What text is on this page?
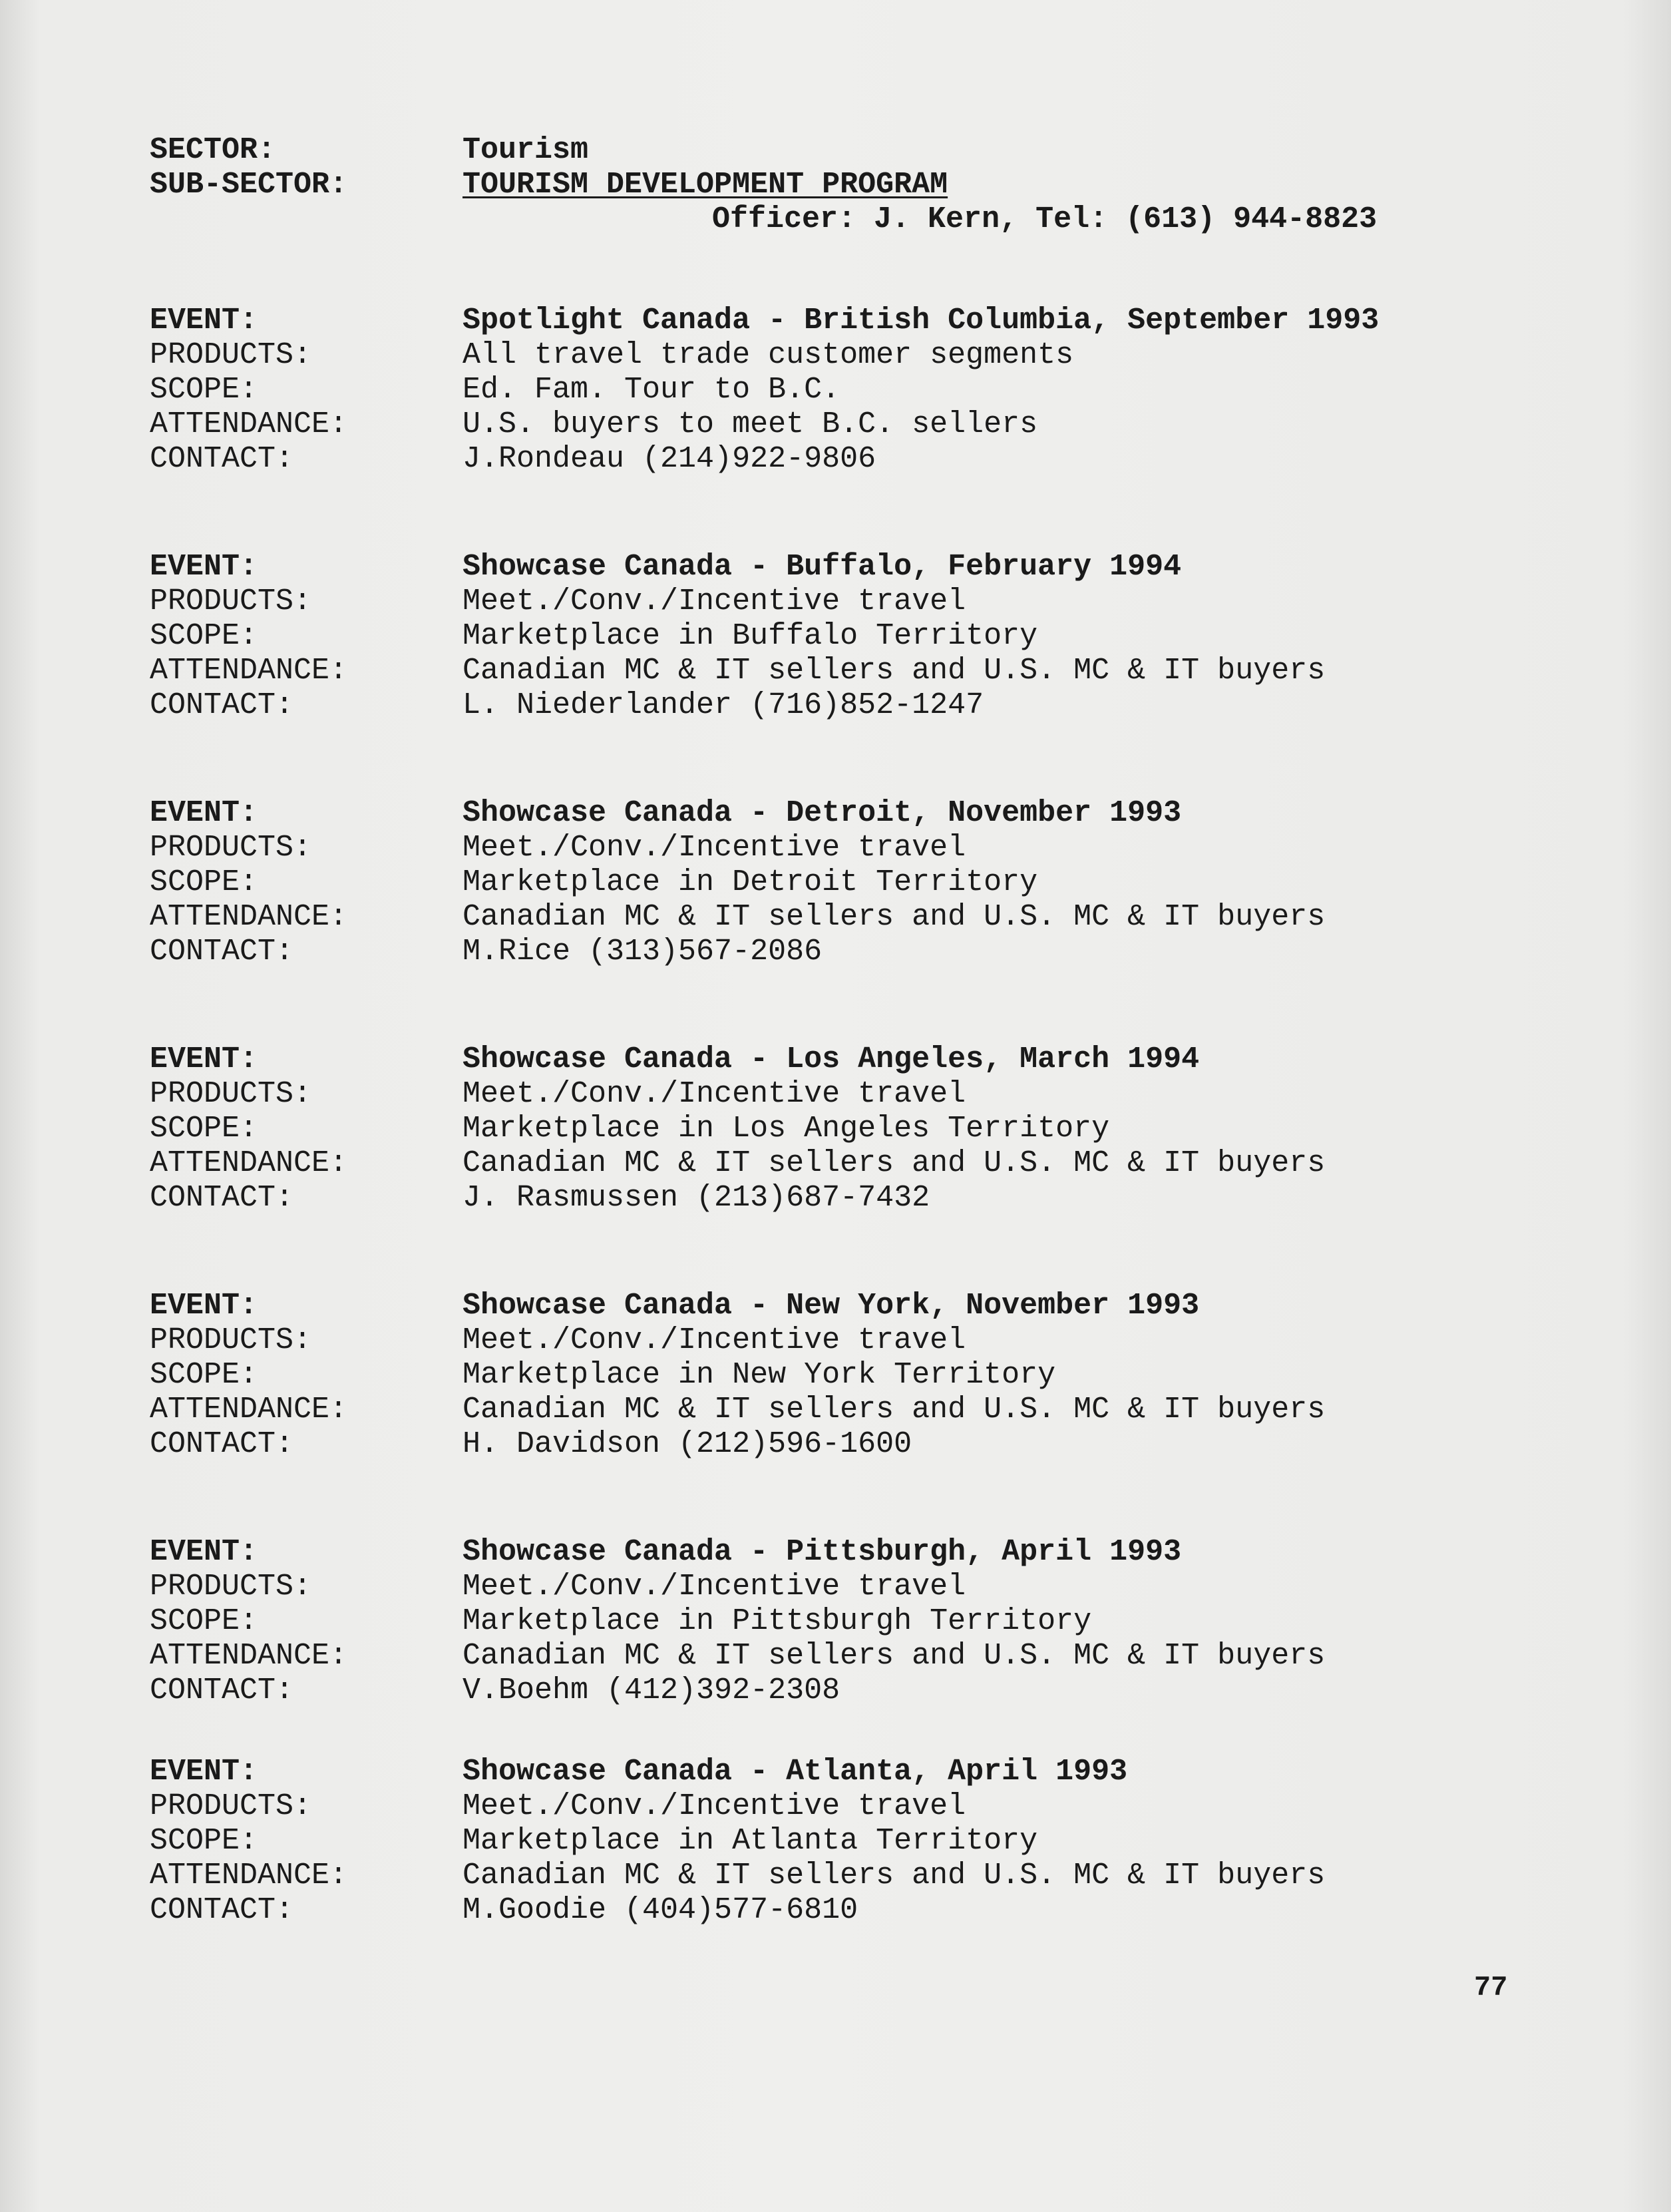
SECTOR:	Tourism
SUB-SECTOR:	TOURISM DEVELOPMENT PROGRAM
Officer: J. Kern, Tel: (613) 944-8823
EVENT:	Spotlight Canada - British Columbia, September 1993
PRODUCTS:	All travel trade customer segments
SCOPE:	Ed. Fam. Tour to B.C.
ATTENDANCE:	U.S. buyers to meet B.C. sellers
CONTACT:	J.Rondeau (214)922-9806
EVENT:	Showcase Canada - Buffalo, February 1994
PRODUCTS:	Meet./Conv./Incentive travel
SCOPE:	Marketplace in Buffalo Territory
ATTENDANCE:	Canadian MC & IT sellers and U.S. MC & IT buyers
CONTACT:	L. Niederlander (716)852-1247
EVENT:	Showcase Canada - Detroit, November 1993
PRODUCTS:	Meet./Conv./Incentive travel
SCOPE:	Marketplace in Detroit Territory
ATTENDANCE:	Canadian MC & IT sellers and U.S. MC & IT buyers
CONTACT:	M.Rice (313)567-2086
EVENT:	Showcase Canada - Los Angeles, March 1994
PRODUCTS:	Meet./Conv./Incentive travel
SCOPE:	Marketplace in Los Angeles Territory
ATTENDANCE:	Canadian MC & IT sellers and U.S. MC & IT buyers
CONTACT:	J. Rasmussen (213)687-7432
EVENT:	Showcase Canada - New York, November 1993
PRODUCTS:	Meet./Conv./Incentive travel
SCOPE:	Marketplace in New York Territory
ATTENDANCE:	Canadian MC & IT sellers and U.S. MC & IT buyers
CONTACT:	H. Davidson (212)596-1600
EVENT:	Showcase Canada - Pittsburgh, April 1993
PRODUCTS:	Meet./Conv./Incentive travel
SCOPE:	Marketplace in Pittsburgh Territory
ATTENDANCE:	Canadian MC & IT sellers and U.S. MC & IT buyers
CONTACT:	V.Boehm (412)392-2308
EVENT:	Showcase Canada - Atlanta, April 1993
PRODUCTS:	Meet./Conv./Incentive travel
SCOPE:	Marketplace in Atlanta Territory
ATTENDANCE:	Canadian MC & IT sellers and U.S. MC & IT buyers
CONTACT:	M.Goodie (404)577-6810
77
